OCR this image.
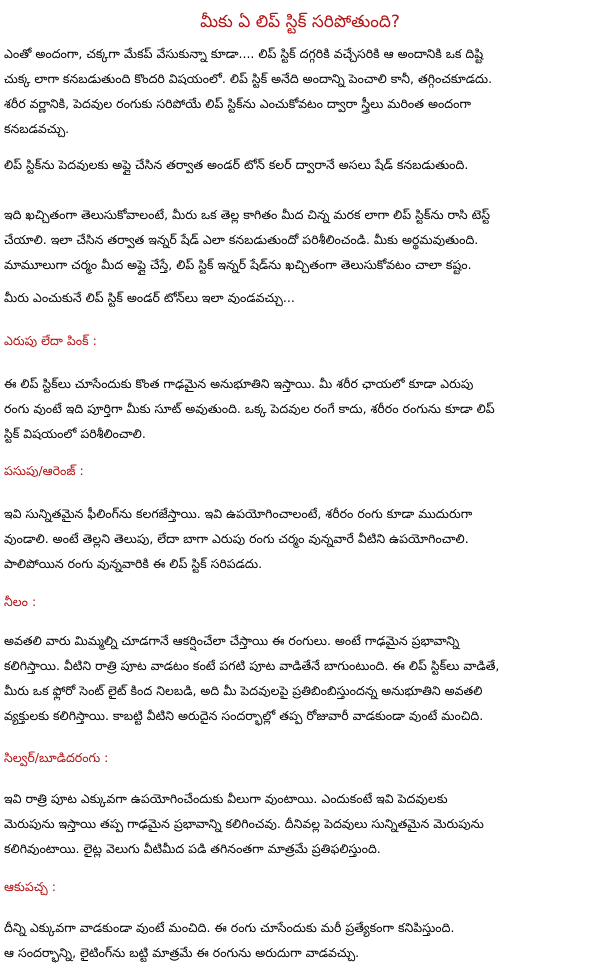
మీకు ఏ లిప్ స్టిక్ సరిపోతుంది?
ఎంతో అందంగా, చక్కగా మేకప్ వేసుకున్నా కూడా.... లిప్ స్టిక్ దగ్గరికి వచ్చేసరికి ఆ అందానికి ఒక దిష్టి
చుక్క లాగా కనబడుతుంది కొందరి విషయంలో. లిప్ స్టిక్ అనేది అందాన్ని పెంచాలి కానీ, తగ్గించకూడదు.
శరీర వర్ణానికి, పెదవుల రంగుకు సరిపోయే లిప్ స్టిక్‌ను ఎంచుకోవటం ద్వారా స్త్రీలు మరింత అందంగా
కనబడవచ్చు.
లిప్ స్టిక్‌ను పెదవులకు అప్లై చేసిన తర్వాత అండర్ టోన్ కలర్ ద్వారానే అసలు షేడ్ కనబడుతుంది.
ఇది ఖచ్చితంగా తెలుసుకోవాలంటే, మీరు ఒక తెల్ల కాగితం మీద చిన్న మరక లాగా లిప్ స్టిక్‌ను రాసి టెస్ట్
చేయాలి. ఇలా చేసిన తర్వాత ఇన్నర్ షేడ్ ఎలా కనబడుతుందో పరిశీలించండి. మీకు అర్థమవుతుంది.
మామూలుగా చర్మం మీద అప్లై చేస్తే, లిప్ స్టిక్ ఇన్నర్ షేడ్‌ను ఖచ్చితంగా తెలుసుకోవటం చాలా కష్టం.
మీరు ఎంచుకునే లిప్ స్టిక్ అండర్ టోన్‌లు ఇలా వుండవచ్చు...
ఎరుపు లేదా పింక్ :
ఈ లిప్ స్టిక్‌లు చూసేందుకు కొంత గాఢమైన అనుభూతిని ఇస్తాయి. మీ శరీర ఛాయలో కూడా ఎరుపు
రంగు వుంటే ఇది పూర్తిగా మీకు సూట్ అవుతుంది. ఒక్క పెదవుల రంగే కాదు, శరీరం రంగును కూడా లిప్
స్టిక్ విషయంలో పరిశీలించాలి.
పసుపు/ఆరెంజ్ :
ఇవి సున్నితమైన ఫీలింగ్‌ను కలగజేస్తాయి. ఇవి ఉపయోగించాలంటే, శరీరం రంగు కూడా ముదురుగా
వుండాలి. అంటే తెల్లని తెలుపు, లేదా బాగా ఎరుపు రంగు చర్మం వున్నవారే వీటిని ఉపయోగించాలి.
పాలిపోయిన రంగు వున్నవారికి ఈ లిప్ స్టిక్ సరిపడదు.
నీలం :
అవతలి వారు మిమ్మల్ని చూడగానే ఆకర్షించేలా చేస్తాయి ఈ రంగులు. అంటే గాఢమైన ప్రభావాన్ని
కలిగిస్తాయి. వీటిని రాత్రి పూట వాడటం కంటే పగటి పూట వాడితేనే బాగుంటుంది. ఈ లిప్ స్టిక్‌లు వాడితే,
మీరు ఒక ఫ్లోరో సెంట్ లైట్ కింద నిలబడి, అది మీ పెదవులపై ప్రతిబింబిస్తుందన్న అనుభూతిని అవతలి
వ్యక్తులకు కలిగిస్తాయి. కాబట్టి వీటిని అరుదైన సందర్భాల్లో తప్ప రోజువారీ వాడకుండా వుంటే మంచిది.
సిల్వర్/బూడిదరంగు :
ఇవి రాత్రి పూట ఎక్కువగా ఉపయోగించేందుకు వీలుగా వుంటాయి. ఎందుకంటే ఇవి పెదవులకు
మెరుపును ఇస్తాయి తప్ప గాఢమైన ప్రభావాన్ని కలిగించవు. దీనివల్ల పెదవులు సున్నితమైన మెరుపును
కలిగివుంటాయి. లైట్ల వెలుగు వీటిమీద పడి తగినంతగా మాత్రమే ప్రతిఫలిస్తుంది.
ఆకుపచ్చ :
దీన్ని ఎక్కువగా వాడకుండా వుంటే మంచిది. ఈ రంగు చూసేందుకు మరీ ప్రత్యేకంగా కనిపిస్తుంది.
ఆ సందర్భాన్ని, లైటింగ్‌ను బట్టి మాత్రమే ఈ రంగును అరుదుగా వాడవచ్చు.
